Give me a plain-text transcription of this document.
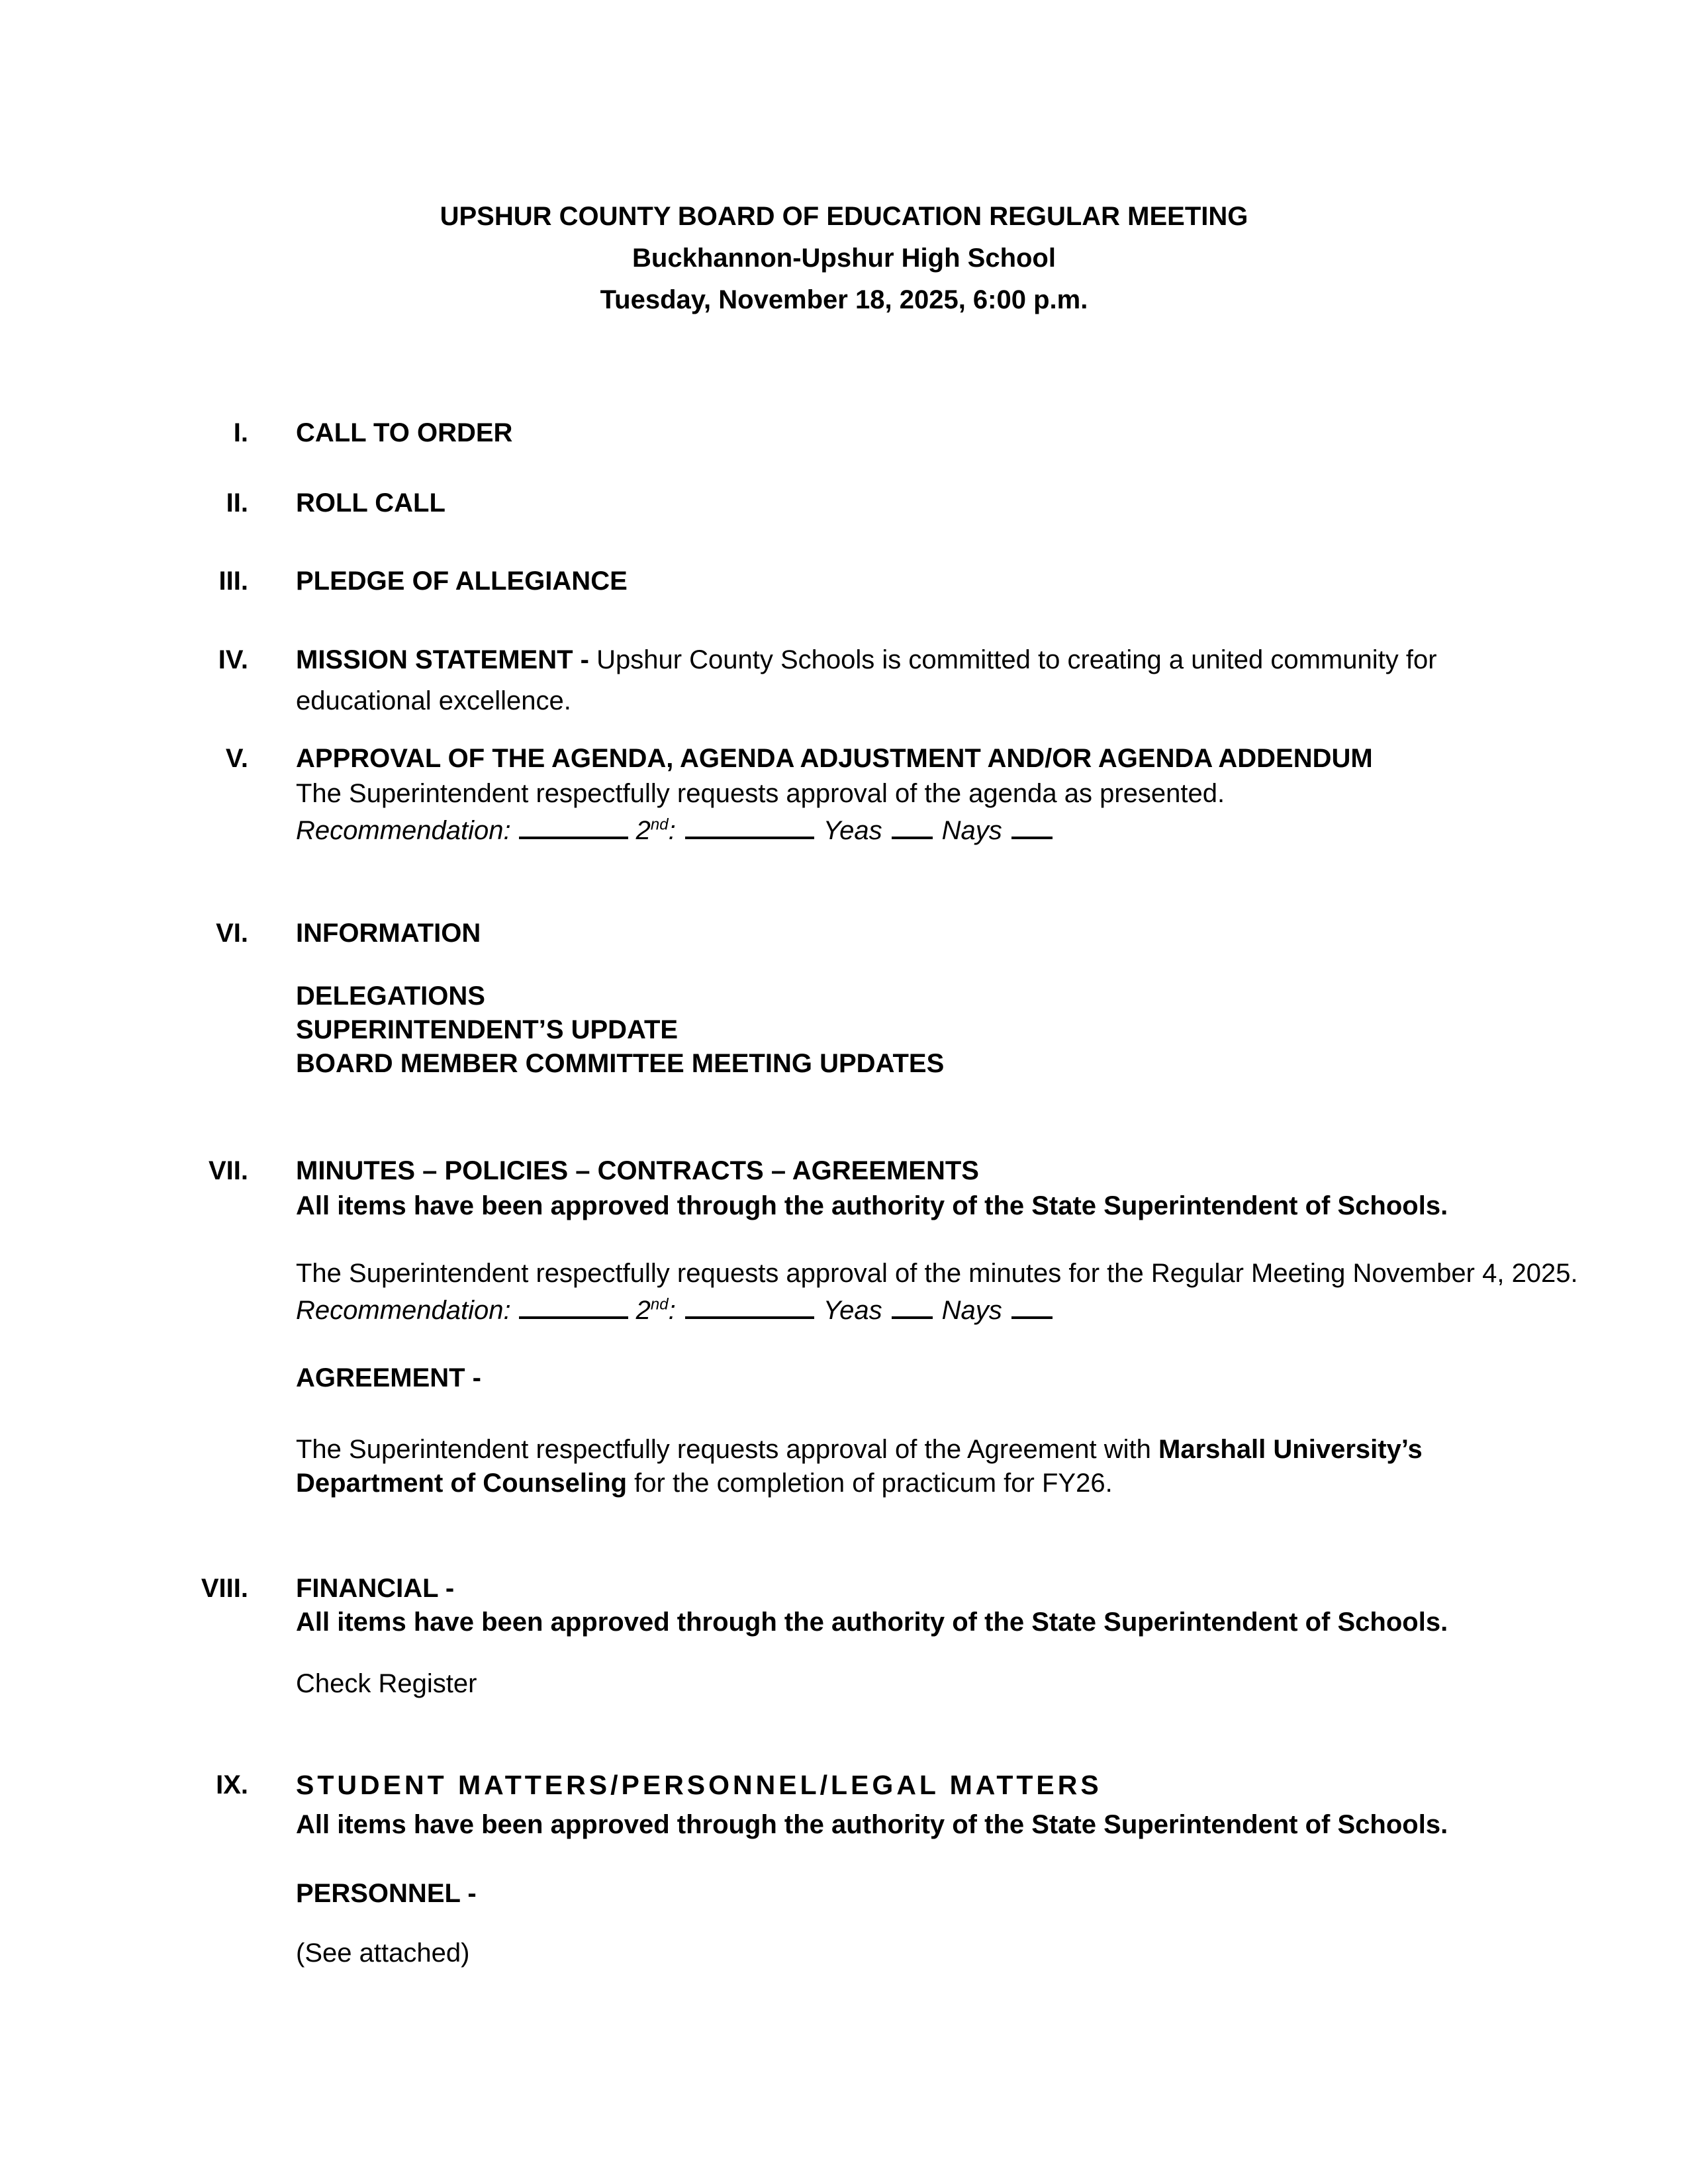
UPSHUR COUNTY BOARD OF EDUCATION REGULAR MEETING
Buckhannon-Upshur High School
Tuesday, November 18, 2025, 6:00 p.m.
I. CALL TO ORDER
II. ROLL CALL
III. PLEDGE OF ALLEGIANCE
IV. MISSION STATEMENT - Upshur County Schools is committed to creating a united community for educational excellence.
V. APPROVAL OF THE AGENDA, AGENDA ADJUSTMENT AND/OR AGENDA ADDENDUM
The Superintendent respectfully requests approval of the agenda as presented.
Recommendation:	2nd:	Yeas Nays
VI. INFORMATION
DELEGATIONS
SUPERINTENDENT’S UPDATE
BOARD MEMBER COMMITTEE MEETING UPDATES
VII. MINUTES – POLICIES – CONTRACTS – AGREEMENTS
All items have been approved through the authority of the State Superintendent of Schools.
The Superintendent respectfully requests approval of the minutes for the Regular Meeting November 4, 2025.
Recommendation:	2nd:	Yeas Nays
AGREEMENT -
The Superintendent respectfully requests approval of the Agreement with Marshall University’s Department of Counseling for the completion of practicum for FY26.
VIII. FINANCIAL -
All items have been approved through the authority of the State Superintendent of Schools.
Check Register
IX. STUDENT MATTERS/PERSONNEL/LEGAL MATTERS
All items have been approved through the authority of the State Superintendent of Schools.
PERSONNEL -
(See attached)
